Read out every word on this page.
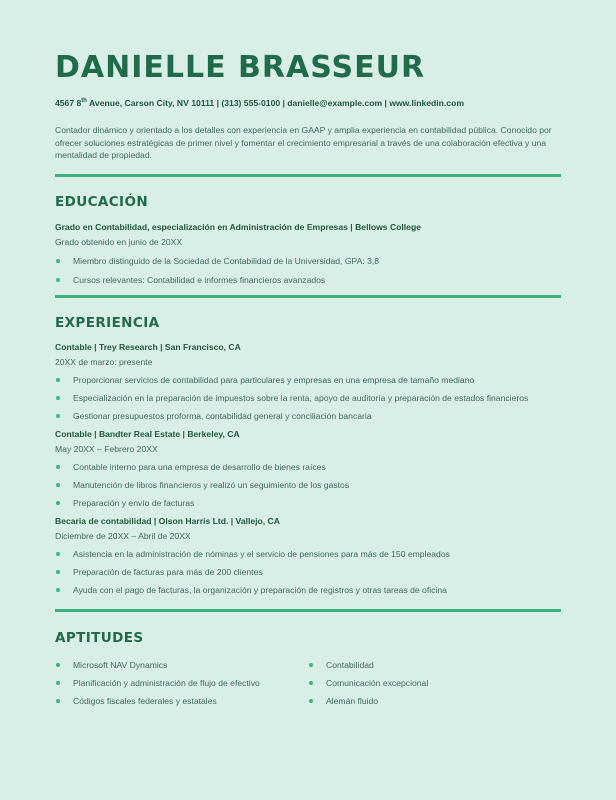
DANIELLE BRASSEUR
4567 8th Avenue, Carson City, NV 10111 | (313) 555-0100 | danielle@example.com | www.linkedin.com
Contador dinámico y orientado a los detalles con experiencia en GAAP y amplia experiencia en contabilidad pública. Conocido por ofrecer soluciones estratégicas de primer nivel y fomentar el crecimiento empresarial a través de una colaboración efectiva y una mentalidad de propiedad.
EDUCACIÓN
Grado en Contabilidad, especialización en Administración de Empresas | Bellows College
Grado obtenido en junio de 20XX
Miembro distinguido de la Sociedad de Contabilidad de la Universidad, GPA: 3,8
Cursos relevantes: Contabilidad e informes financieros avanzados
EXPERIENCIA
Contable | Trey Research | San Francisco, CA
20XX de marzo: presente
Proporcionar servicios de contabilidad para particulares y empresas en una empresa de tamaño mediano
Especialización en la preparación de impuestos sobre la renta, apoyo de auditoría y preparación de estados financieros
Gestionar presupuestos proforma, contabilidad general y conciliación bancaria
Contable | Bandter Real Estate | Berkeley, CA
May 20XX – Febrero 20XX
Contable interno para una empresa de desarrollo de bienes raíces
Manutención de libros financieros y realizó un seguimiento de los gastos
Preparación y envío de facturas
Becaria de contabilidad | Olson Harris Ltd. | Vallejo, CA
Diciembre de 20XX – Abril de 20XX
Asistencia en la administración de nóminas y el servicio de pensiones para más de 150 empleados
Preparación de facturas para más de 200 clientes
Ayuda con el pago de facturas, la organización y preparación de registros y otras tareas de oficina
APTITUDES
Microsoft NAV Dynamics
Planificación y administración de flujo de efectivo
Códigos fiscales federales y estatales
Contabilidad
Comunicación excepcional
Alemán fluido
